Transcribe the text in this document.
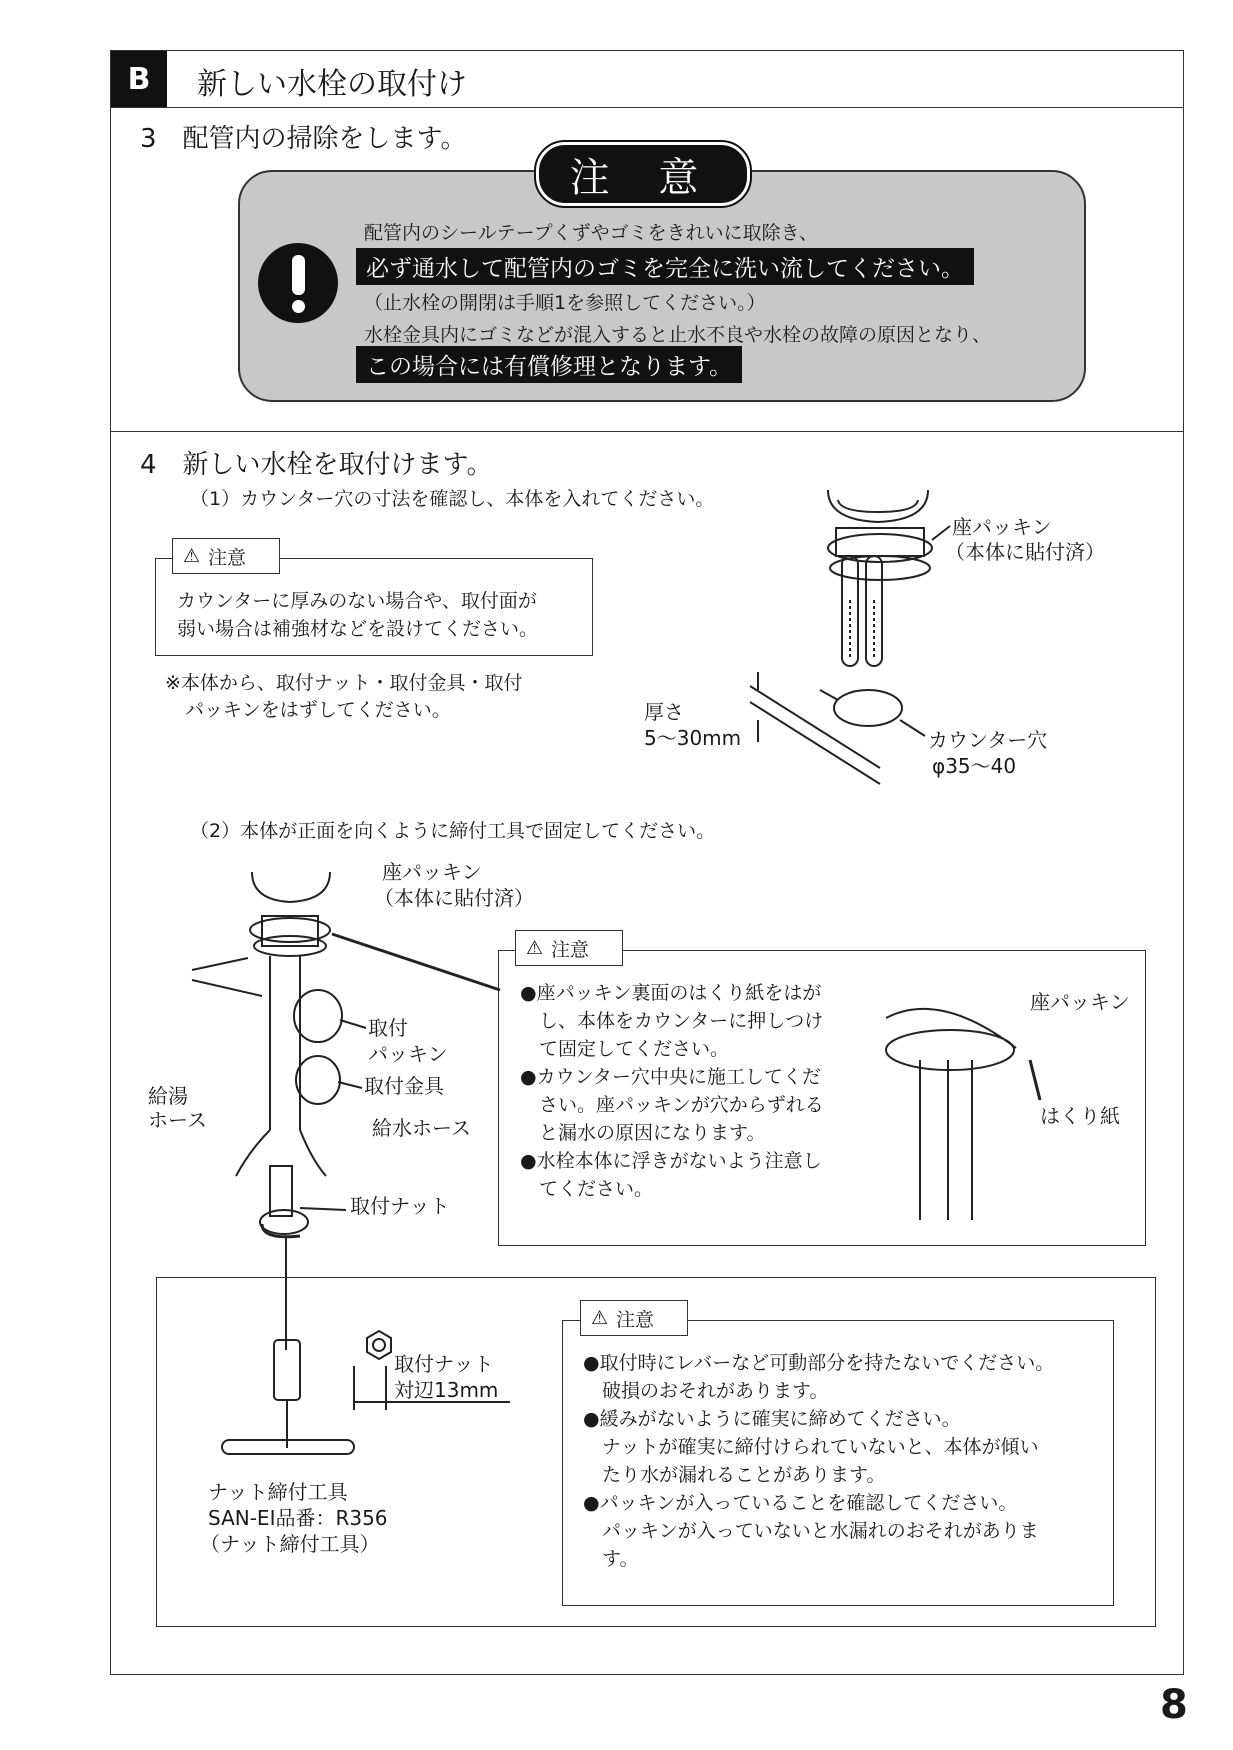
B	新しい水栓の取付け
3　配管内の掃除をします。
注 意
配管内のシールテープくずやゴミをきれいに取除き、
必ず通水して配管内のゴミを完全に洗い流してください。
（止水栓の開閉は手順1を参照してください。）
水栓金具内にゴミなどが混入すると止水不良や水栓の故障の原因となり、
この場合には有償修理となります。
4　新しい水栓を取付けます。
（1）カウンター穴の寸法を確認し、本体を入れてください。
⚠ 注意
カウンターに厚みのない場合や、取付面が
弱い場合は補強材などを設けてください。
※本体から、取付ナット・取付金具・取付
パッキンをはずしてください。
座パッキン
（本体に貼付済）
厚さ
5～30mm	カウンター穴
φ35～40
（2）本体が正面を向くように締付工具で固定してください。
座パッキン
（本体に貼付済）
取付
パッキン
取付金具
給湯
ホース	給水ホース
取付ナット
⚠ 注意
●座パッキン裏面のはくり紙をはが
　し、本体をカウンターに押しつけ
　て固定してください。
●カウンター穴中央に施工してくだ
　さい。座パッキンが穴からずれる
　と漏水の原因になります。
●水栓本体に浮きがないよう注意し
　てください。
座パッキン
はくり紙
取付ナット
対辺13mm
ナット締付工具
SAN-EI品番：R356
（ナット締付工具）
⚠ 注意
●取付時にレバーなど可動部分を持たないでください。
　破損のおそれがあります。
●緩みがないように確実に締めてください。
　ナットが確実に締付けられていないと、本体が傾い
　たり水が漏れることがあります。
●パッキンが入っていることを確認してください。
　パッキンが入っていないと水漏れのおそれがありま
　す。
8
